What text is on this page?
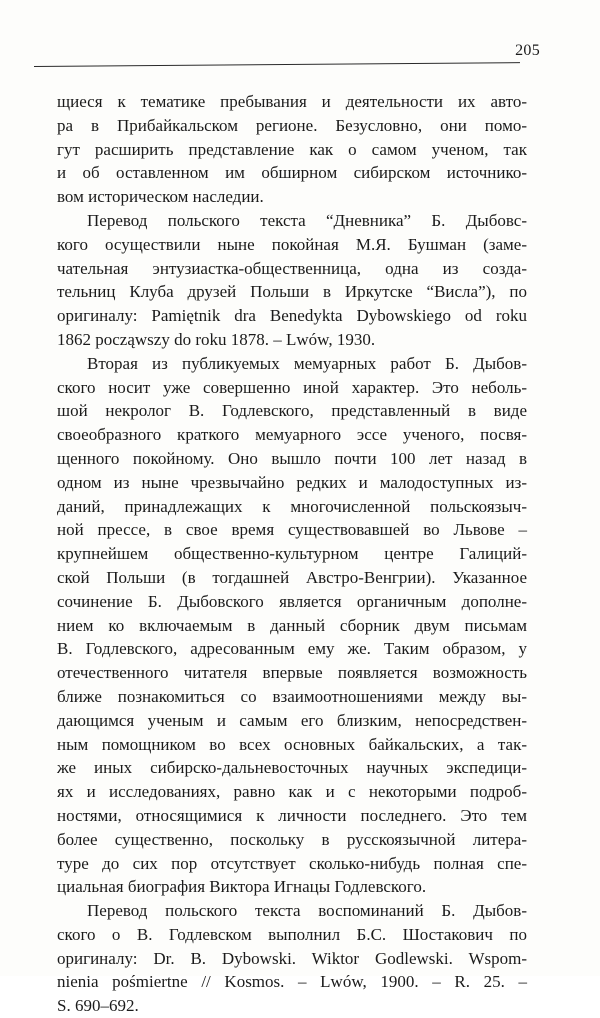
205
щиеся к тематике пребывания и деятельности их авто-
ра в Прибайкальском регионе. Безусловно, они помо-
гут расширить представление как о самом ученом, так
и об оставленном им обширном сибирском источнико-
вом историческом наследии.
Перевод польского текста “Дневника” Б. Дыбовс-
кого осуществили ныне покойная М.Я. Бушман (заме-
чательная энтузиастка-общественница, одна из созда-
тельниц Клуба друзей Польши в Иркутске “Висла”), по
оригиналу: Pamiętnik dra Benedykta Dybowskiego od roku
1862 począwszy do roku 1878. – Lwów, 1930.
Вторая из публикуемых мемуарных работ Б. Дыбов-
ского носит уже совершенно иной характер. Это неболь-
шой некролог В. Годлевского, представленный в виде
своеобразного краткого мемуарного эссе ученого, посвя-
щенного покойному. Оно вышло почти 100 лет назад в
одном из ныне чрезвычайно редких и малодоступных из-
даний, принадлежащих к многочисленной польскоязыч-
ной прессе, в свое время существовавшей во Львове –
крупнейшем общественно-культурном центре Галиций-
ской Польши (в тогдашней Австро-Венгрии). Указанное
сочинение Б. Дыбовского является органичным дополне-
нием ко включаемым в данный сборник двум письмам
В. Годлевского, адресованным ему же. Таким образом, у
отечественного читателя впервые появляется возможность
ближе познакомиться со взаимоотношениями между вы-
дающимся ученым и самым его близким, непосредствен-
ным помощником во всех основных байкальских, а так-
же иных сибирско-дальневосточных научных экспедици-
ях и исследованиях, равно как и с некоторыми подроб-
ностями, относящимися к личности последнего. Это тем
более существенно, поскольку в русскоязычной литера-
туре до сих пор отсутствует сколько-нибудь полная спе-
циальная биография Виктора Игнацы Годлевского.
Перевод польского текста воспоминаний Б. Дыбов-
ского о В. Годлевском выполнил Б.С. Шостакович по
оригиналу: Dr. B. Dybowski. Wiktor Godlewski. Wspom-
nienia pośmiertne // Kosmos. – Lwów, 1900. – R. 25. –
S. 690–692.
